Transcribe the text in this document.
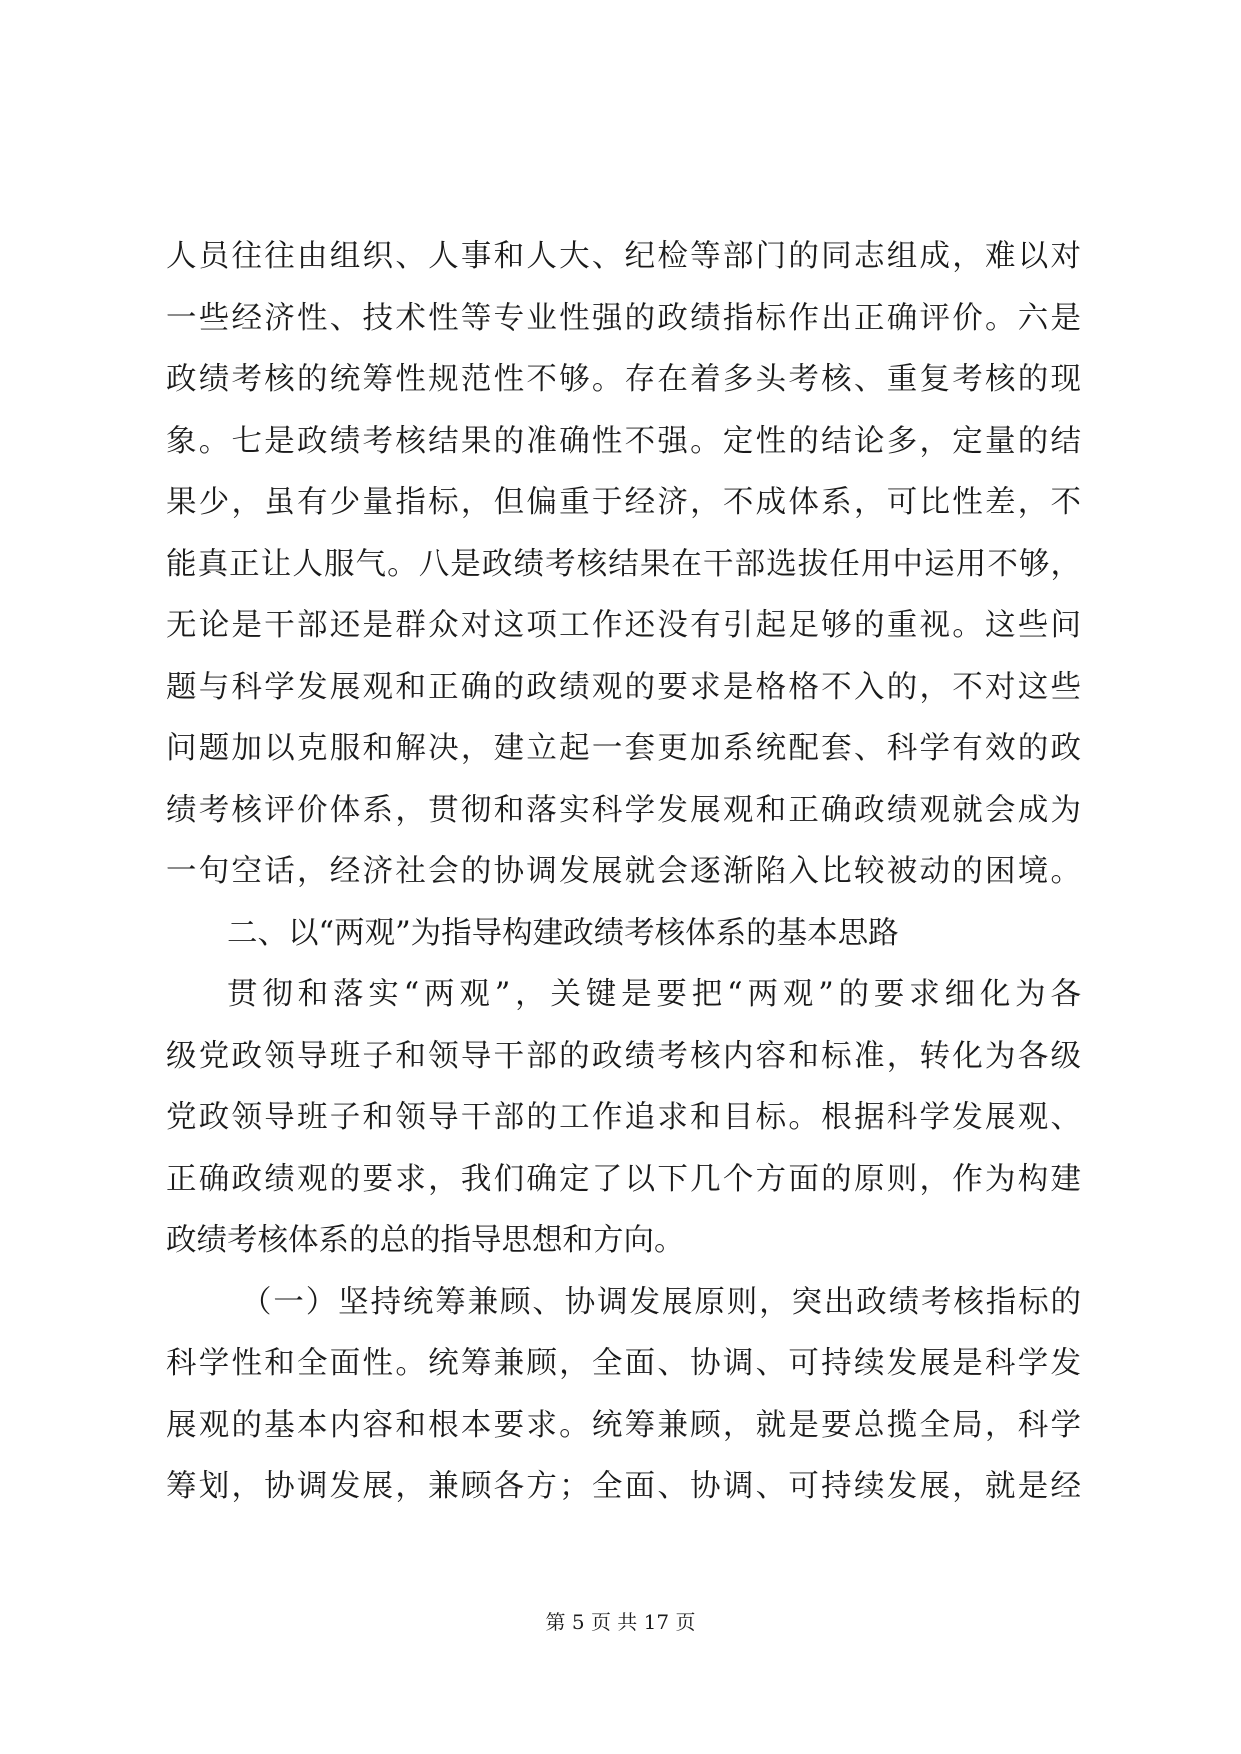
人员往往由组织、人事和人大、纪检等部门的同志组成，难以对
一些经济性、技术性等专业性强的政绩指标作出正确评价。六是
政绩考核的统筹性规范性不够。存在着多头考核、重复考核的现
象。七是政绩考核结果的准确性不强。定性的结论多，定量的结
果少，虽有少量指标，但偏重于经济，不成体系，可比性差，不
能真正让人服气。八是政绩考核结果在干部选拔任用中运用不够，
无论是干部还是群众对这项工作还没有引起足够的重视。这些问
题与科学发展观和正确的政绩观的要求是格格不入的，不对这些
问题加以克服和解决，建立起一套更加系统配套、科学有效的政
绩考核评价体系，贯彻和落实科学发展观和正确政绩观就会成为
一句空话，经济社会的协调发展就会逐渐陷入比较被动的困境。
二、以“两观”为指导构建政绩考核体系的基本思路
贯彻和落实“两观”，关键是要把“两观”的要求细化为各
级党政领导班子和领导干部的政绩考核内容和标准，转化为各级
党政领导班子和领导干部的工作追求和目标。根据科学发展观、
正确政绩观的要求，我们确定了以下几个方面的原则，作为构建
政绩考核体系的总的指导思想和方向。
（一）坚持统筹兼顾、协调发展原则，突出政绩考核指标的
科学性和全面性。统筹兼顾，全面、协调、可持续发展是科学发
展观的基本内容和根本要求。统筹兼顾，就是要总揽全局，科学
筹划，协调发展，兼顾各方；全面、协调、可持续发展，就是经
第 5 页 共 17 页
